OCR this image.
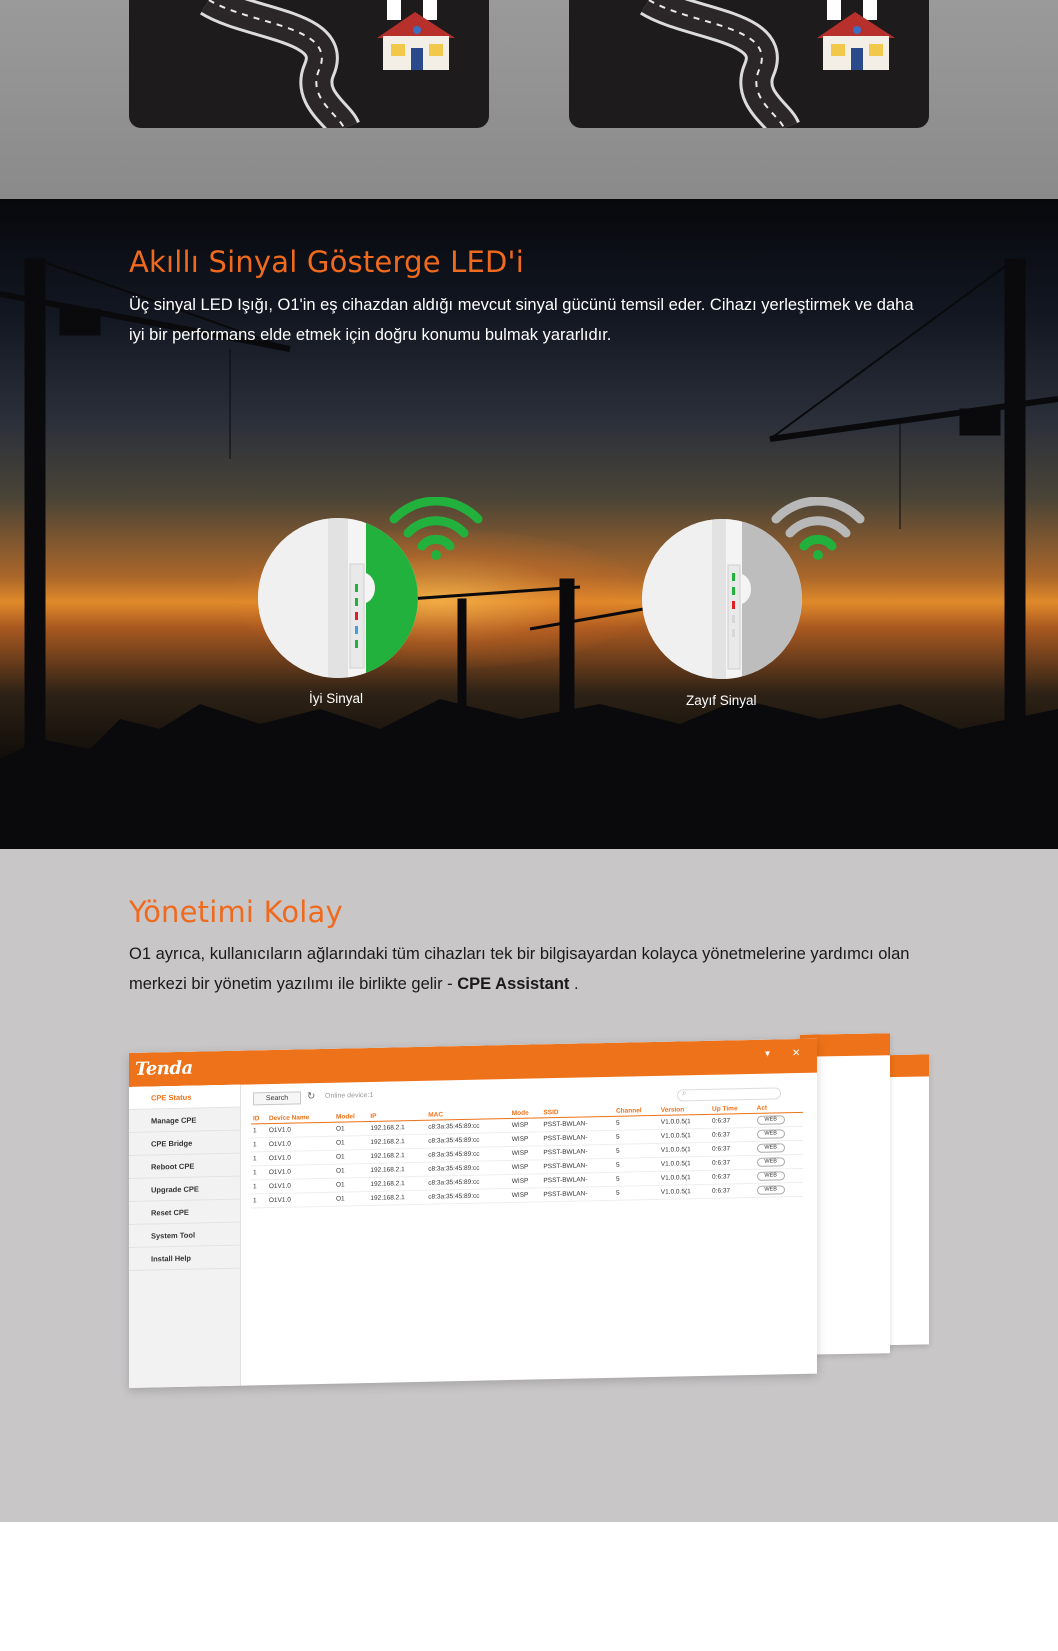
Akıllı Sinyal Gösterge LED'i

Üç sinyal LED Işığı, O1'in eş cihazdan aldığı mevcut sinyal gücünü temsil eder. Cihazı yerleştirmek ve daha iyi bir performans elde etmek için doğru konumu bulmak yararlıdır.

İyi Sinyal	Zayıf Sinyal
Yönetimi Kolay

O1 ayrıca, kullanıcıların ağlarındaki tüm cihazları tek bir bilgisayardan kolayca yönetmelerine yardımcı olan merkezi bir yönetim yazılımı ile birlikte gelir - CPE Assistant .

Tenda
▾ ✕
CPE Status
Manage CPE
CPE Bridge
Reboot CPE
Upgrade CPE
Reset CPE
System Tool
Install Help
Search	↻ Online device:1	⌕
ID	Device Name	Model	IP	MAC	Mode	SSID	Channel	Version	Up Time	Act
1	O1V1.0	O1	192.168.2.1	c8:3a:35:45:89:cc	WISP	PSST-BWLAN-	5	V1.0.0.5(1	0:6:37	WEB
1	O1V1.0	O1	192.168.2.1	c8:3a:35:45:89:cc	WISP	PSST-BWLAN-	5	V1.0.0.5(1	0:6:37	WEB
1	O1V1.0	O1	192.168.2.1	c8:3a:35:45:89:cc	WISP	PSST-BWLAN-	5	V1.0.0.5(1	0:6:37	WEB
1	O1V1.0	O1	192.168.2.1	c8:3a:35:45:89:cc	WISP	PSST-BWLAN-	5	V1.0.0.5(1	0:6:37	WEB
1	O1V1.0	O1	192.168.2.1	c8:3a:35:45:89:cc	WISP	PSST-BWLAN-	5	V1.0.0.5(1	0:6:37	WEB
1	O1V1.0	O1	192.168.2.1	c8:3a:35:45:89:cc	WISP	PSST-BWLAN-	5	V1.0.0.5(1	0:6:37	WEB
